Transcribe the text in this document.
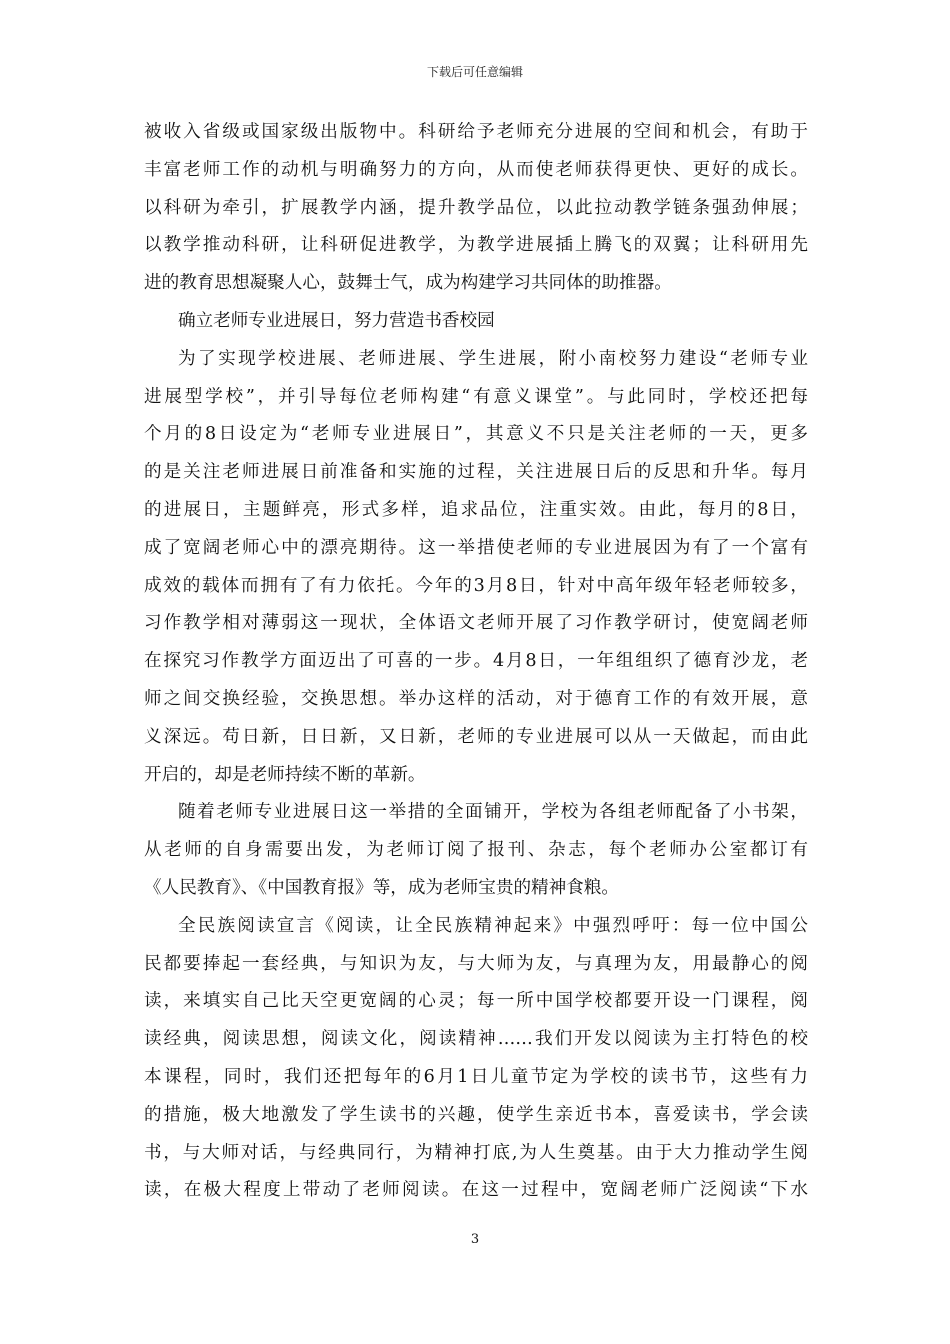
下载后可任意编辑
被收入省级或国家级出版物中。科研给予老师充分进展的空间和机会，有助于
丰富老师工作的动机与明确努力的方向，从而使老师获得更快、更好的成长。
以科研为牵引，扩展教学内涵，提升教学品位，以此拉动教学链条强劲伸展；
以教学推动科研，让科研促进教学，为教学进展插上腾飞的双翼；让科研用先
进的教育思想凝聚人心，鼓舞士气，成为构建学习共同体的助推器。
确立老师专业进展日，努力营造书香校园
为了实现学校进展、老师进展、学生进展，附小南校努力建设“老师专业
进展型学校”，并引导每位老师构建“有意义课堂”。与此同时，学校还把每
个月的8日设定为“老师专业进展日”，其意义不只是关注老师的一天，更多
的是关注老师进展日前准备和实施的过程，关注进展日后的反思和升华。每月
的进展日，主题鲜亮，形式多样，追求品位，注重实效。由此，每月的8日，
成了宽阔老师心中的漂亮期待。这一举措使老师的专业进展因为有了一个富有
成效的载体而拥有了有力依托。今年的3月8日，针对中高年级年轻老师较多，
习作教学相对薄弱这一现状，全体语文老师开展了习作教学研讨，使宽阔老师
在探究习作教学方面迈出了可喜的一步。4月8日，一年组组织了德育沙龙，老
师之间交换经验，交换思想。举办这样的活动，对于德育工作的有效开展，意
义深远。苟日新，日日新，又日新，老师的专业进展可以从一天做起，而由此
开启的，却是老师持续不断的革新。
随着老师专业进展日这一举措的全面铺开，学校为各组老师配备了小书架，
从老师的自身需要出发，为老师订阅了报刊、杂志，每个老师办公室都订有
《人民教育》、《中国教育报》等，成为老师宝贵的精神食粮。
全民族阅读宣言《阅读，让全民族精神起来》中强烈呼吁：每一位中国公
民都要捧起一套经典，与知识为友，与大师为友，与真理为友，用最静心的阅
读，来填实自己比天空更宽阔的心灵；每一所中国学校都要开设一门课程，阅
读经典，阅读思想，阅读文化，阅读精神……我们开发以阅读为主打特色的校
本课程，同时，我们还把每年的6月1日儿童节定为学校的读书节，这些有力
的措施，极大地激发了学生读书的兴趣，使学生亲近书本，喜爱读书，学会读
书，与大师对话，与经典同行，为精神打底,为人生奠基。由于大力推动学生阅
读，在极大程度上带动了老师阅读。在这一过程中，宽阔老师广泛阅读“下水
3
